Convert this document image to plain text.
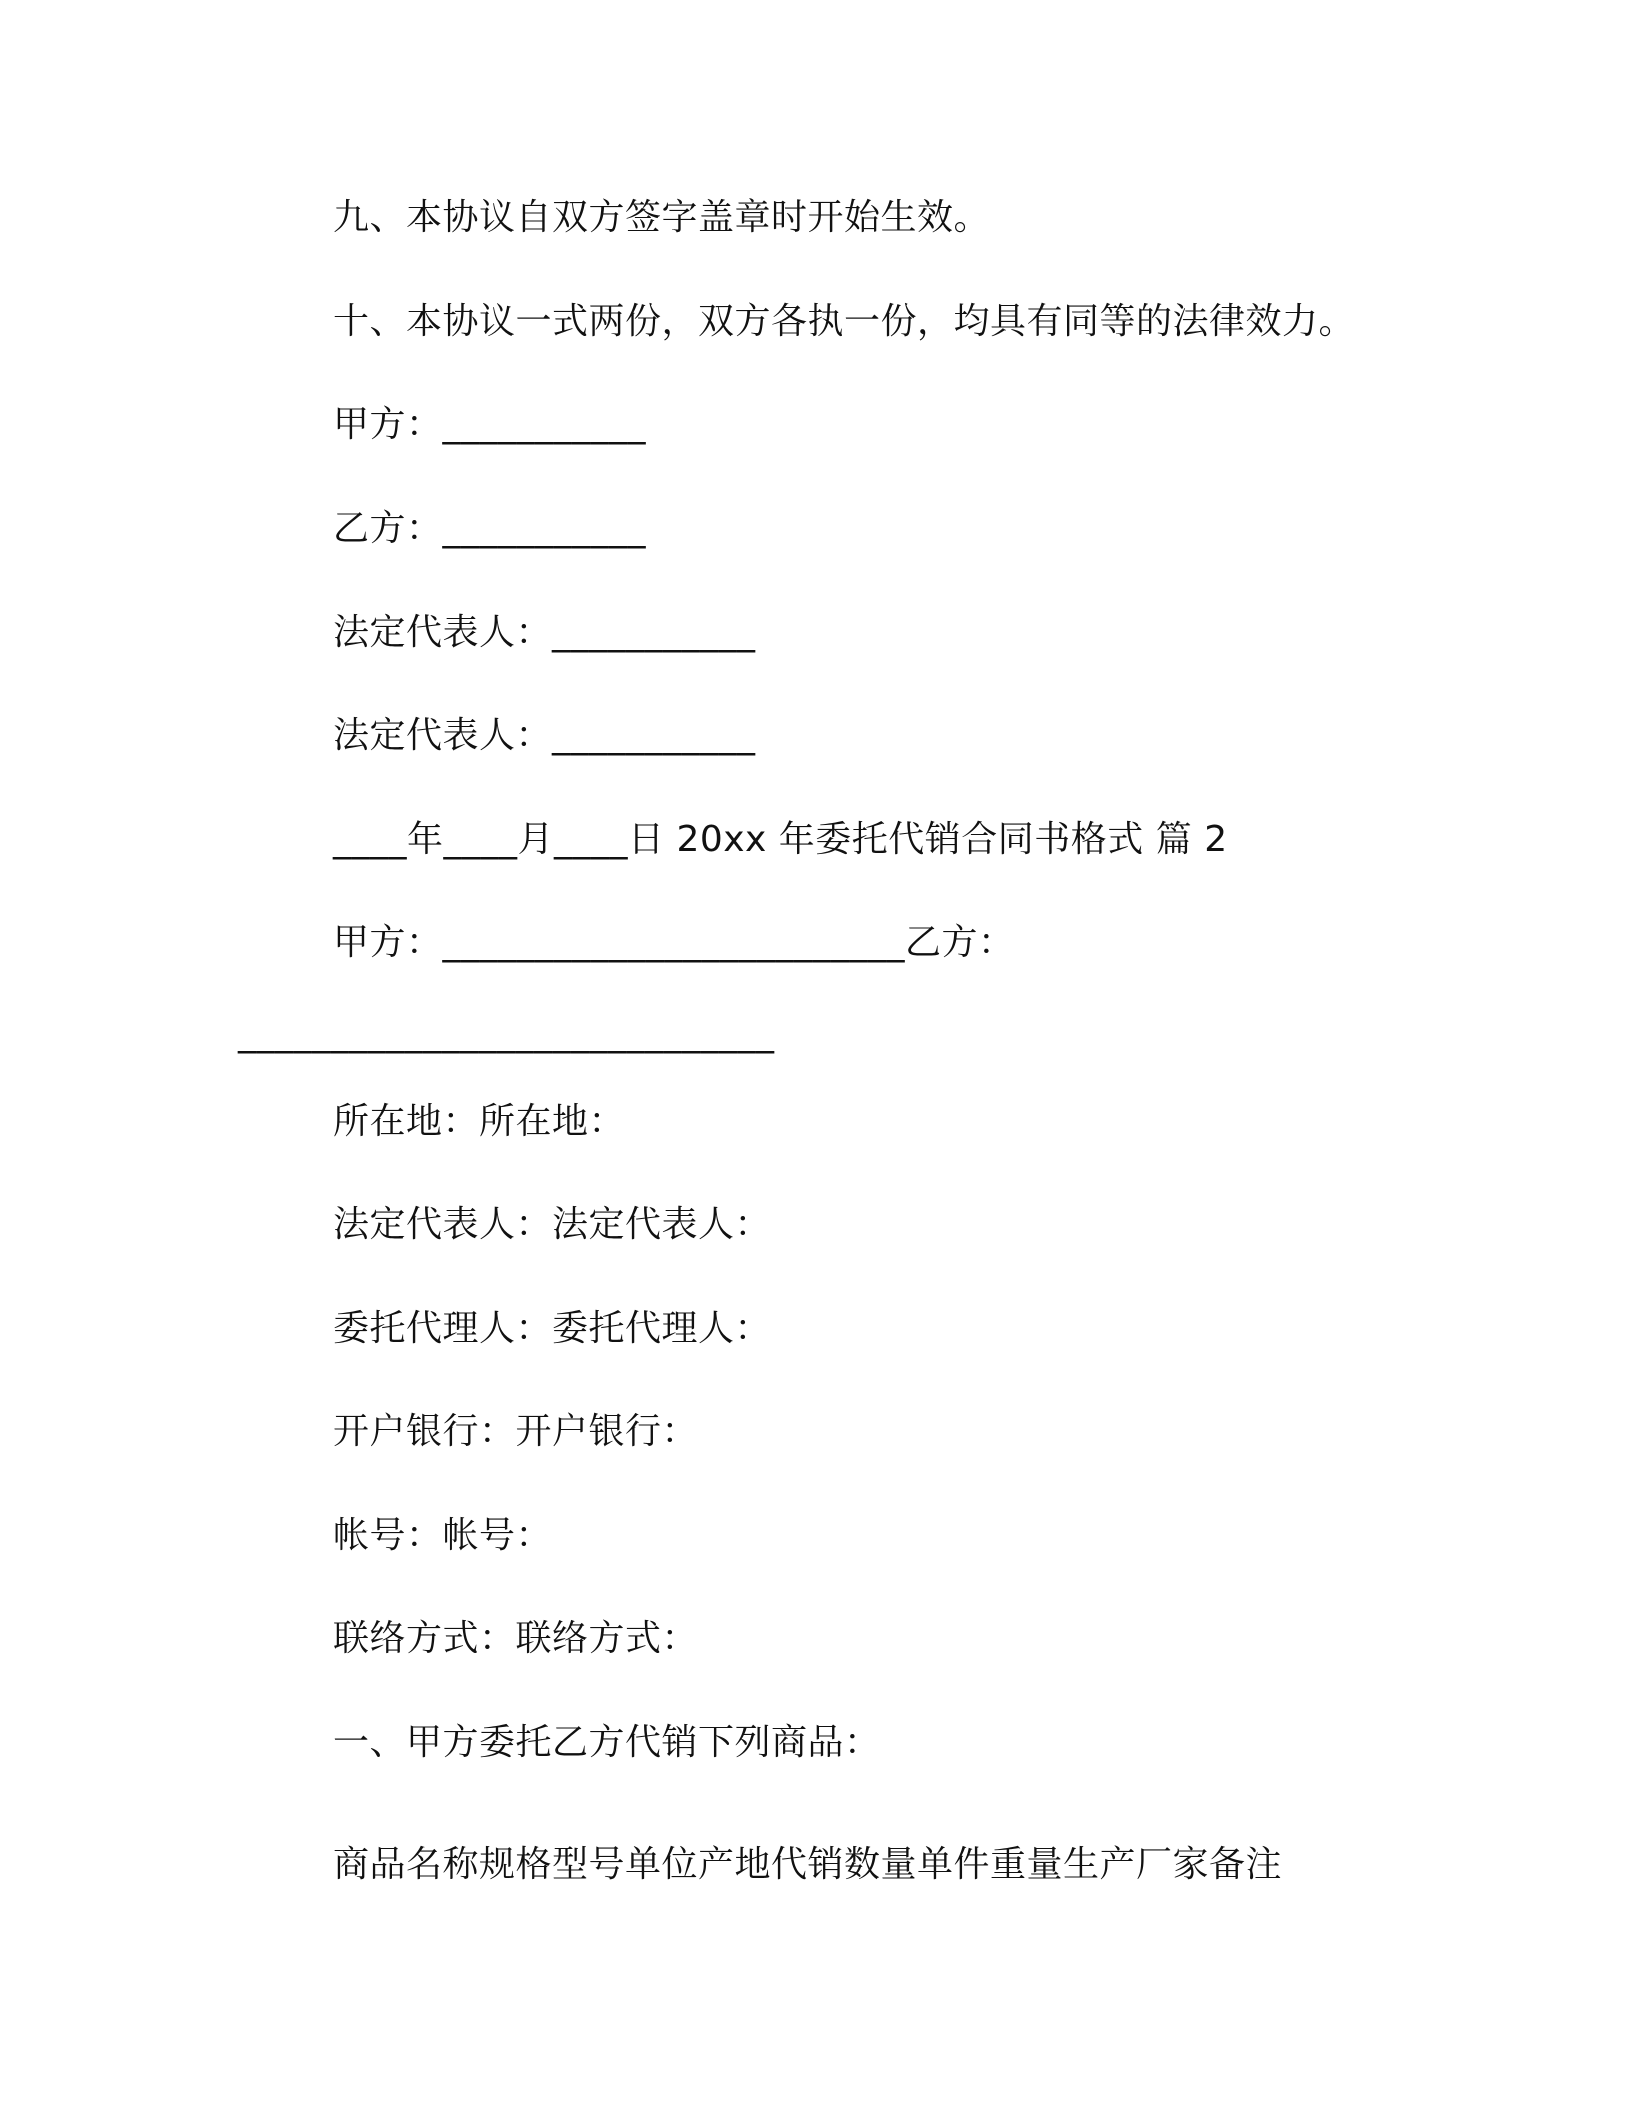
九、本协议自双方签字盖章时开始生效。
十、本协议一式两份，双方各执一份，均具有同等的法律效力。
甲方：___________
乙方：___________
法定代表人：___________
法定代表人：___________
____年____月____日 20xx 年委托代销合同书格式 篇 2
甲方：_________________________乙方：
_____________________________
所在地：所在地：
法定代表人：法定代表人：
委托代理人：委托代理人：
开户银行：开户银行：
帐号：帐号：
联络方式：联络方式：
一、甲方委托乙方代销下列商品：
商品名称规格型号单位产地代销数量单件重量生产厂家备注
